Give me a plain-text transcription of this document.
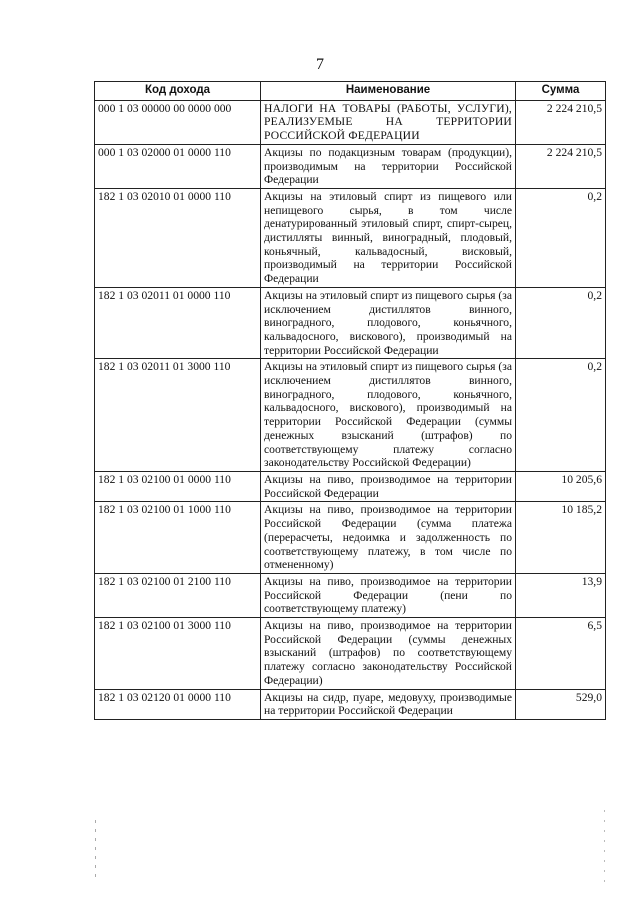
7
Код дохода	Наименование	Сумма
000 1 03 00000 00 0000 000	НАЛОГИ НА ТОВАРЫ (РАБОТЫ, УСЛУГИ), РЕАЛИЗУЕМЫЕ НА ТЕРРИТОРИИ РОССИЙСКОЙ ФЕДЕРАЦИИ	2 224 210,5
000 1 03 02000 01 0000 110	Акцизы по подакцизным товарам (продукции), производимым на территории Российской Федерации	2 224 210,5
182 1 03 02010 01 0000 110	Акцизы на этиловый спирт из пищевого или непищевого сырья, в том числе денатурированный этиловый спирт, спирт-сырец, дистилляты винный, виноградный, плодовый, коньячный, кальвадосный, висковый, производимый на территории Российской Федерации	0,2
182 1 03 02011 01 0000 110	Акцизы на этиловый спирт из пищевого сырья (за исключением дистиллятов винного, виноградного, плодового, коньячного, кальвадосного, вискового), производимый на территории Российской Федерации	0,2
182 1 03 02011 01 3000 110	Акцизы на этиловый спирт из пищевого сырья (за исключением дистиллятов винного, виноградного, плодового, коньячного, кальвадосного, вискового), производимый на территории Российской Федерации (суммы денежных взысканий (штрафов) по соответствующему платежу согласно законодательству Российской Федерации)	0,2
182 1 03 02100 01 0000 110	Акцизы на пиво, производимое на территории Российской Федерации	10 205,6
182 1 03 02100 01 1000 110	Акцизы на пиво, производимое на территории Российской Федерации (сумма платежа (перерасчеты, недоимка и задолженность по соответствующему платежу, в том числе по отмененному)	10 185,2
182 1 03 02100 01 2100 110	Акцизы на пиво, производимое на территории Российской Федерации (пени по соответствующему платежу)	13,9
182 1 03 02100 01 3000 110	Акцизы на пиво, производимое на территории Российской Федерации (суммы денежных взысканий (штрафов) по соответствующему платежу согласно законодательству Российской Федерации)	6,5
182 1 03 02120 01 0000 110	Акцизы на сидр, пуаре, медовуху, производимые на территории Российской Федерации	529,0
